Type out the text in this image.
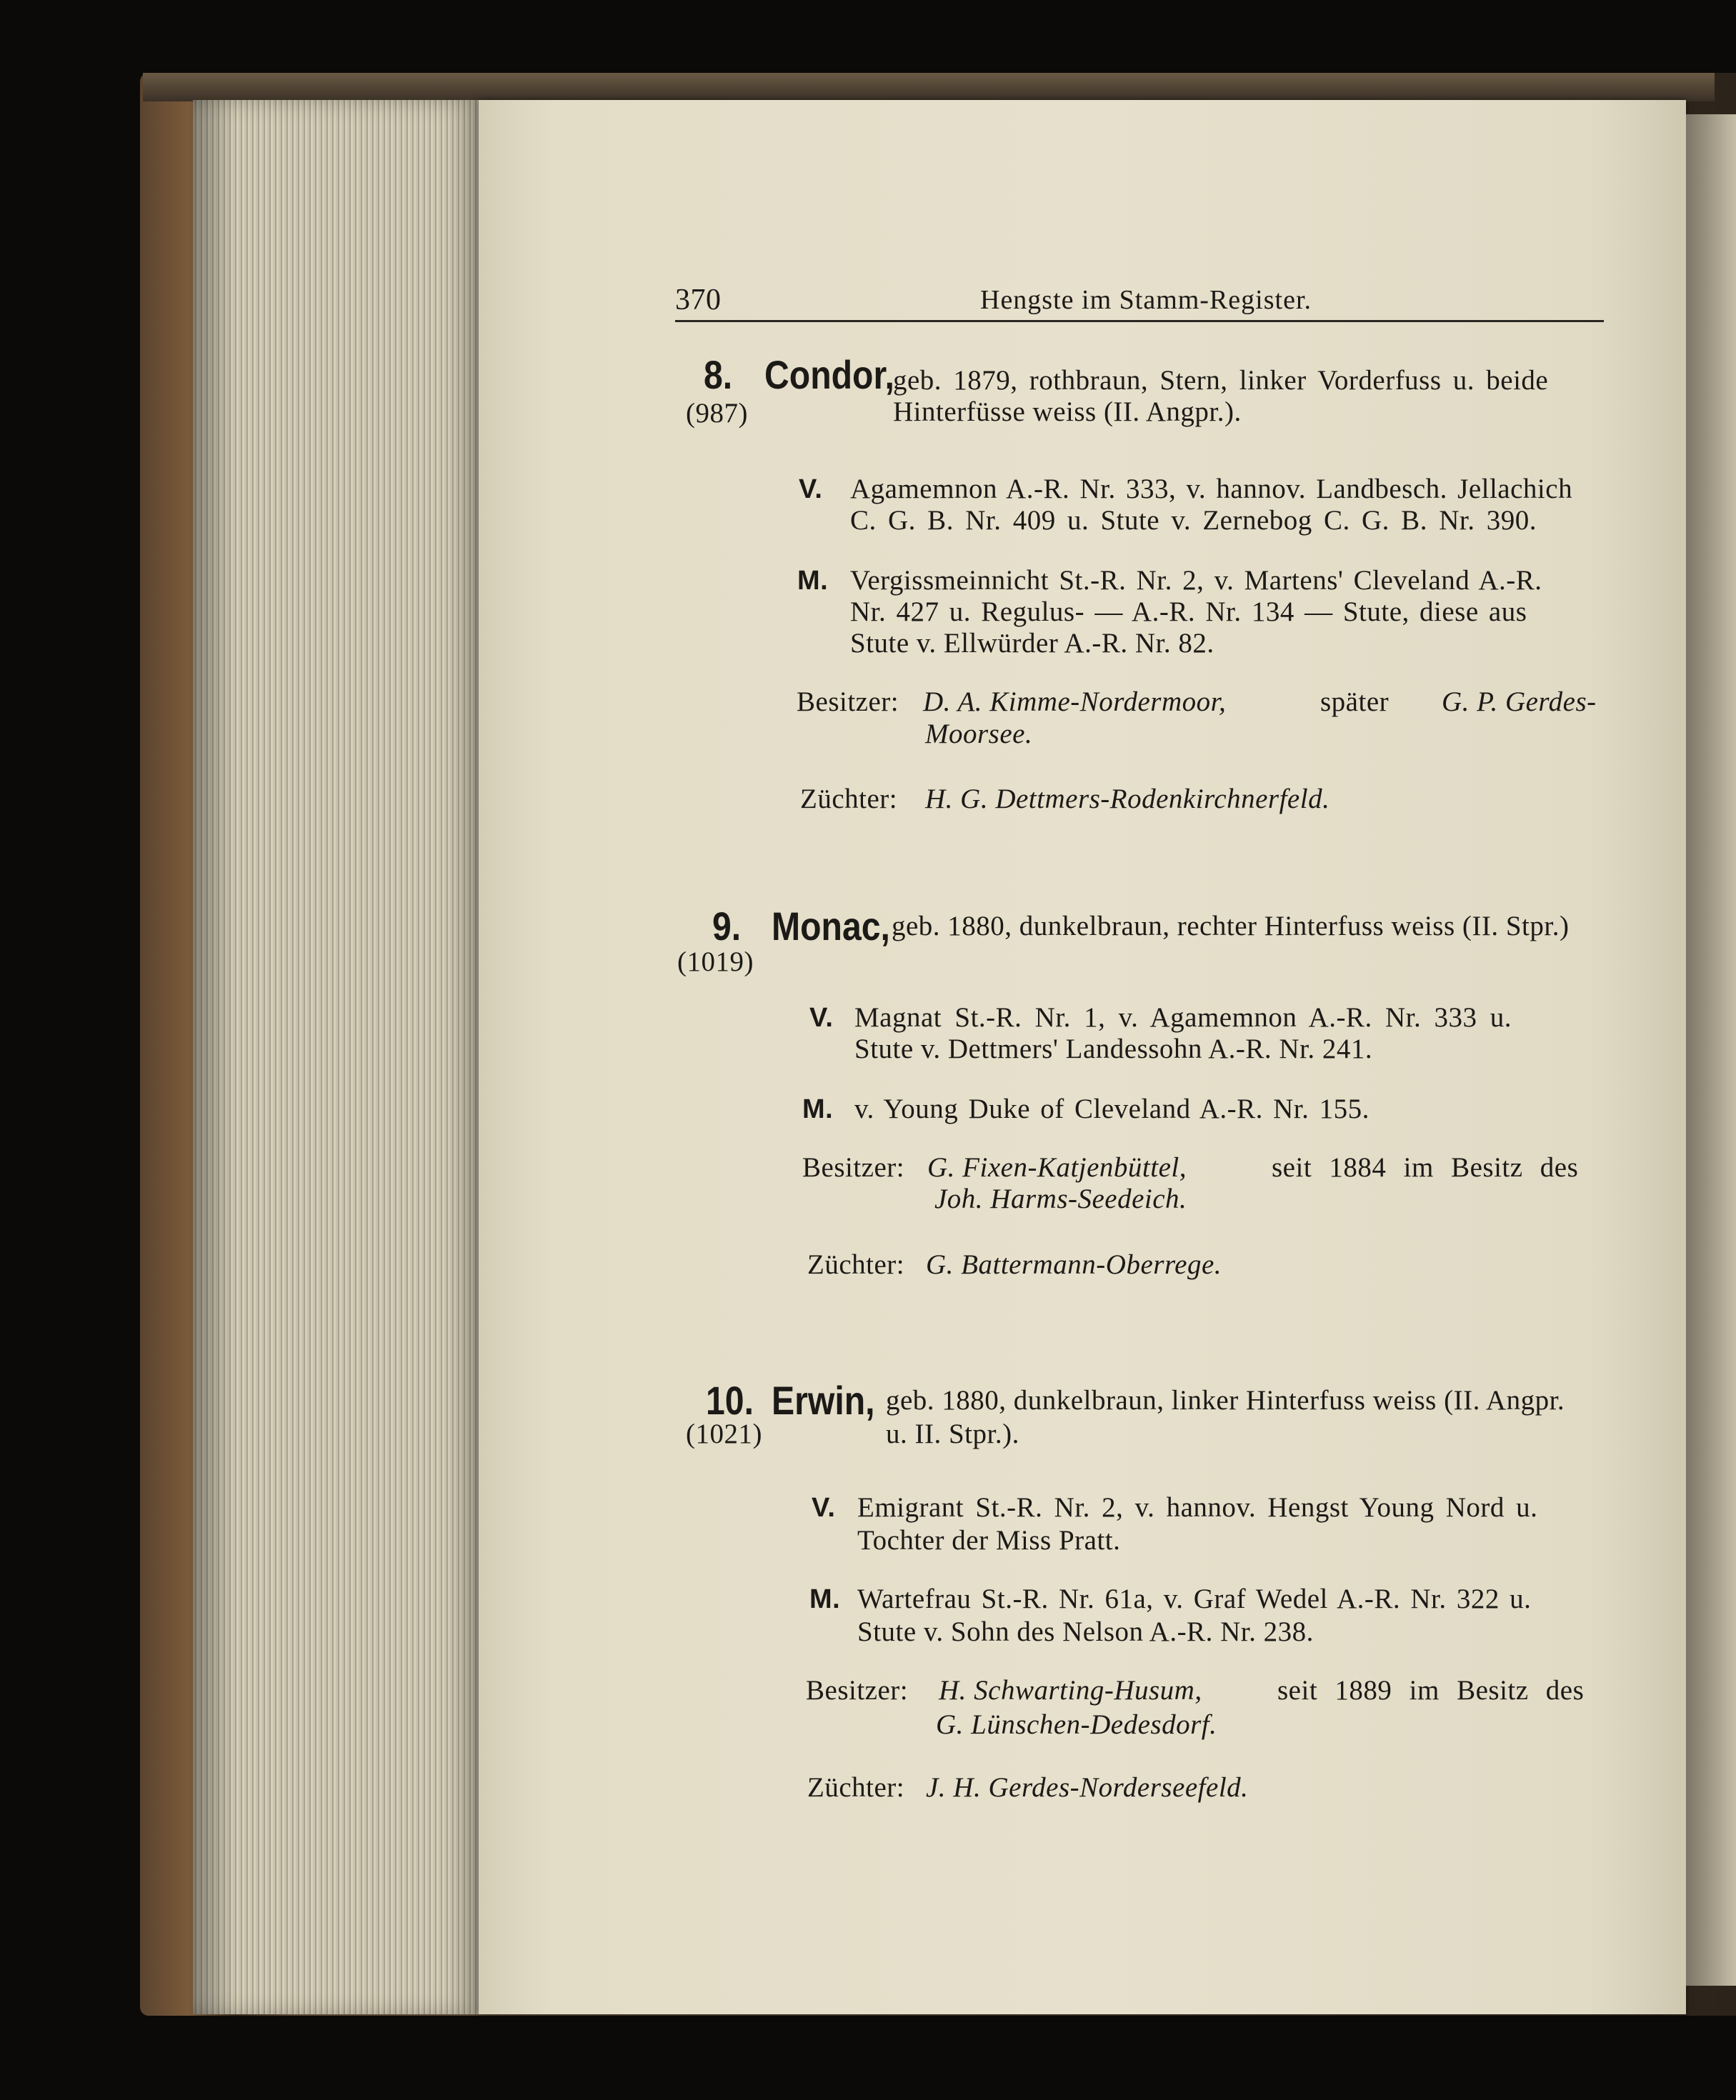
370	Hengste im Stamm-Register.
8. Condor,
geb. 1879, rothbraun, Stern, linker Vorderfuss u. beide
(987)	Hinterfüsse weiss (II. Angpr.).
V. Agamemnon A.-R. Nr. 333, v. hannov. Landbesch. Jellachich
C. G. B. Nr. 409 u. Stute v. Zernebog C. G. B. Nr. 390.
M. Vergissmeinnicht St.-R. Nr. 2, v. Martens' Cleveland A.-R.
Nr. 427 u. Regulus- — A.-R. Nr. 134 — Stute, diese aus
Stute v. Ellwürder A.-R. Nr. 82.
Besitzer: D. A. Kimme-Nordermoor,	später G. P. Gerdes-
Moorsee.
Züchter: H. G. Dettmers-Rodenkirchnerfeld.
9. Monac, geb. 1880, dunkelbraun, rechter Hinterfuss weiss (II. Stpr.)
(1019)
V. Magnat St.-R. Nr. 1, v. Agamemnon A.-R. Nr. 333 u.
Stute v. Dettmers' Landessohn A.-R. Nr. 241.
M. v. Young Duke of Cleveland A.-R. Nr. 155.
Besitzer: G. Fixen-Katjenbüttel,	seit 1884 im Besitz des
Joh. Harms-Seedeich.
Züchter: G. Battermann-Oberrege.
10. Erwin, geb. 1880, dunkelbraun, linker Hinterfuss weiss (II. Angpr.
(1021)	u. II. Stpr.).
V. Emigrant St.-R. Nr. 2, v. hannov. Hengst Young Nord u.
Tochter der Miss Pratt.
M. Wartefrau St.-R. Nr. 61a, v. Graf Wedel A.-R. Nr. 322 u.
Stute v. Sohn des Nelson A.-R. Nr. 238.
Besitzer: H. Schwarting-Husum,	seit 1889 im Besitz des
G. Lünschen-Dedesdorf.
Züchter: J. H. Gerdes-Norderseefeld.
